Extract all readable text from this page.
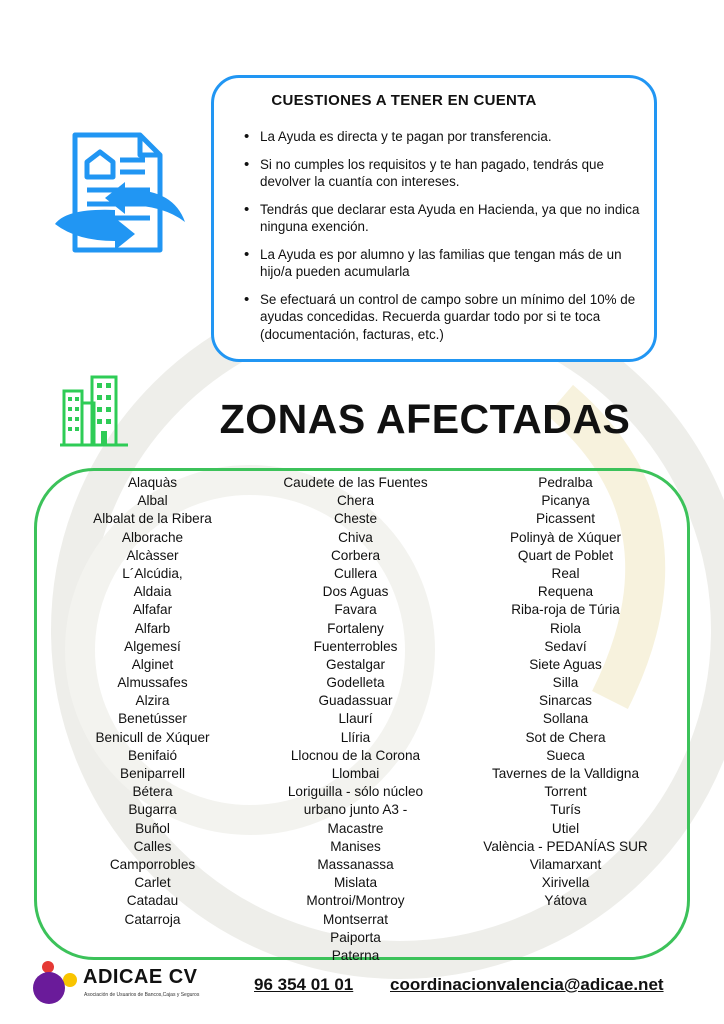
CUESTIONES A TENER EN CUENTA
• La Ayuda es directa y te pagan por transferencia.
• Si no cumples los requisitos y te han pagado, tendrás que devolver la cuantía con intereses.
• Tendrás que declarar esta Ayuda en Hacienda, ya que no indica ninguna exención.
• La Ayuda es por alumno y las familias que tengan más de un hijo/a pueden acumularla
• Se efectuará un control de campo sobre un mínimo del 10% de ayudas concedidas. Recuerda guardar todo por si te toca (documentación, facturas, etc.)
ZONAS AFECTADAS
Alaquàs
Albal
Albalat de la Ribera
Alborache
Alcàsser
L´Alcúdia,
Aldaia
Alfafar
Alfarb
Algemesí
Alginet
Almussafes
Alzira
Benetússer
Benicull de Xúquer
Benifaió
Beniparrell
Bétera
Bugarra
Buñol
Calles
Camporrobles
Carlet
Catadau
Catarroja
Caudete de las Fuentes
Chera
Cheste
Chiva
Corbera
Cullera
Dos Aguas
Favara
Fortaleny
Fuenterrobles
Gestalgar
Godelleta
Guadassuar
Llaurí
Llíria
Llocnou de la Corona
Llombai
Loriguilla - sólo núcleo
urbano junto A3 -
Macastre
Manises
Massanassa
Mislata
Montroi/Montroy
Montserrat
Paiporta
Paterna
Pedralba
Picanya
Picassent
Polinyà de Xúquer
Quart de Poblet
Real
Requena
Riba-roja de Túria
Riola
Sedaví
Siete Aguas
Silla
Sinarcas
Sollana
Sot de Chera
Sueca
Tavernes de la Valldigna
Torrent
Turís
Utiel
València - PEDANÍAS SUR
Vilamarxant
Xirivella
Yátova
ADICAE CV
Asociación de Usuarios de Bancos,Cajas y Seguros
96 354 01 01 coordinacionvalencia@adicae.net
